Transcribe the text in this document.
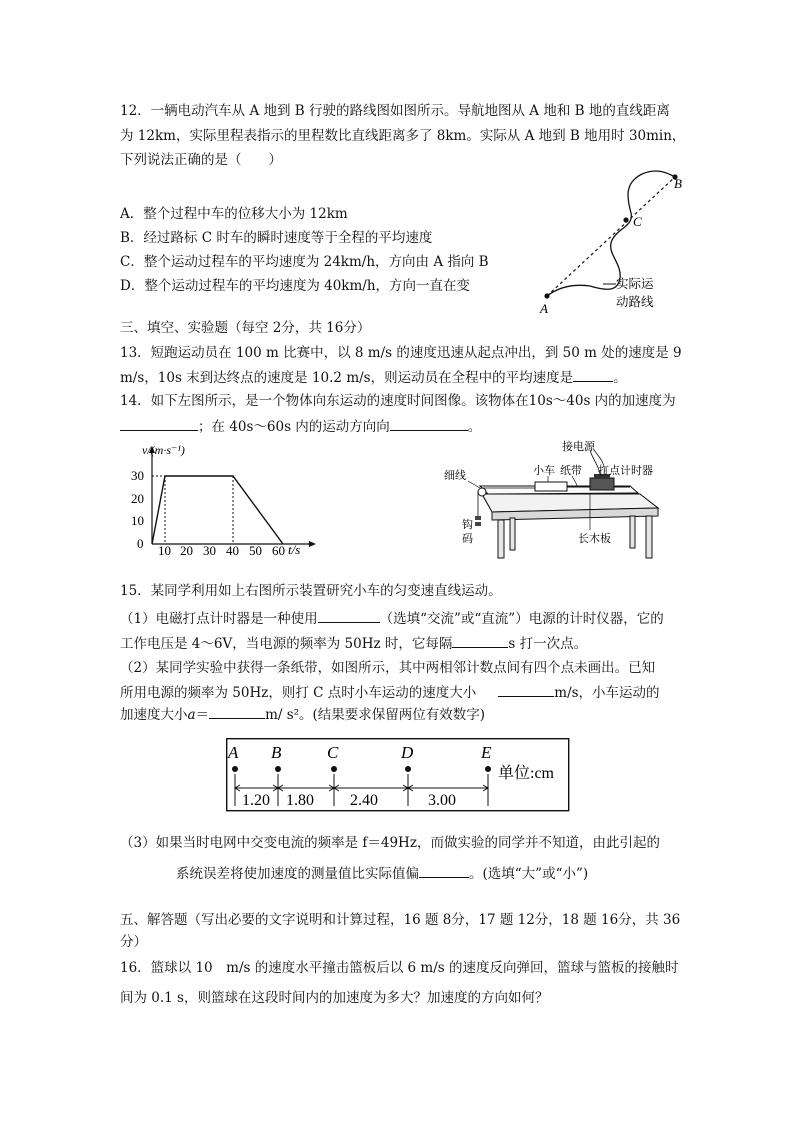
12．一辆电动汽车从 A 地到 B 行驶的路线图如图所示。导航地图从 A 地和 B 地的直线距离
为 12km，实际里程表指示的里程数比直线距离多了 8km。实际从 A 地到 B 地用时 30min，
下列说法正确的是（　　）
A．整个过程中车的位移大小为 12km
B．经过路标 C 时车的瞬时速度等于全程的平均速度
C．整个运动过程车的平均速度为 24km/h，方向由 A 指向 B
D．整个运动过程车的平均速度为 40km/h，方向一直在变
A
B
C
实际运
动路线
三、填空、实验题（每空 2分，共 16分）
13．短跑运动员在 100 m 比赛中，以 8 m/s 的速度迅速从起点冲出，到 50 m 处的速度是 9
m/s，10s 末到达终点的速度是 10.2 m/s，则运动员在全程中的平均速度是	。
14．如下左图所示，是一个物体向东运动的速度时间图像。该物体在10s～40s 内的加速度为
；在 40s～60s 内的运动方向向	。
v/(m·s⁻¹)
t/s
30
20
10
0 10 20 30 40 50 60
接电源
小车 纸带 打点计时器
细线
钩
码	长木板
15．某同学利用如上右图所示装置研究小车的匀变速直线运动。
（1）电磁打点计时器是一种使用	（选填“交流”或“直流”）电源的计时仪器，它的
工作电压是 4～6V，当电源的频率为 50Hz 时，它每隔	s 打一次点。
（2）某同学实验中获得一条纸带，如图所示，其中两相邻计数点间有四个点未画出。已知
所用电源的频率为 50Hz，则打 C 点时小车运动的速度大小	m/s，小车运动的
加速度大小a＝	m/ s²。(结果要求保留两位有效数字)
A B	C	D	E
1.20 1.80 2.40	3.00
单位:cm
（3）如果当时电网中交变电流的频率是 f＝49Hz，而做实验的同学并不知道，由此引起的
系统误差将使加速度的测量值比实际值偏	。(选填“大”或“小”)
五、解答题（写出必要的文字说明和计算过程，16 题 8分，17 题 12分，18 题 16分，共 36
分）
16．篮球以 10　m/s 的速度水平撞击篮板后以 6 m/s 的速度反向弹回，篮球与篮板的接触时
间为 0.1 s，则篮球在这段时间内的加速度为多大？加速度的方向如何？
